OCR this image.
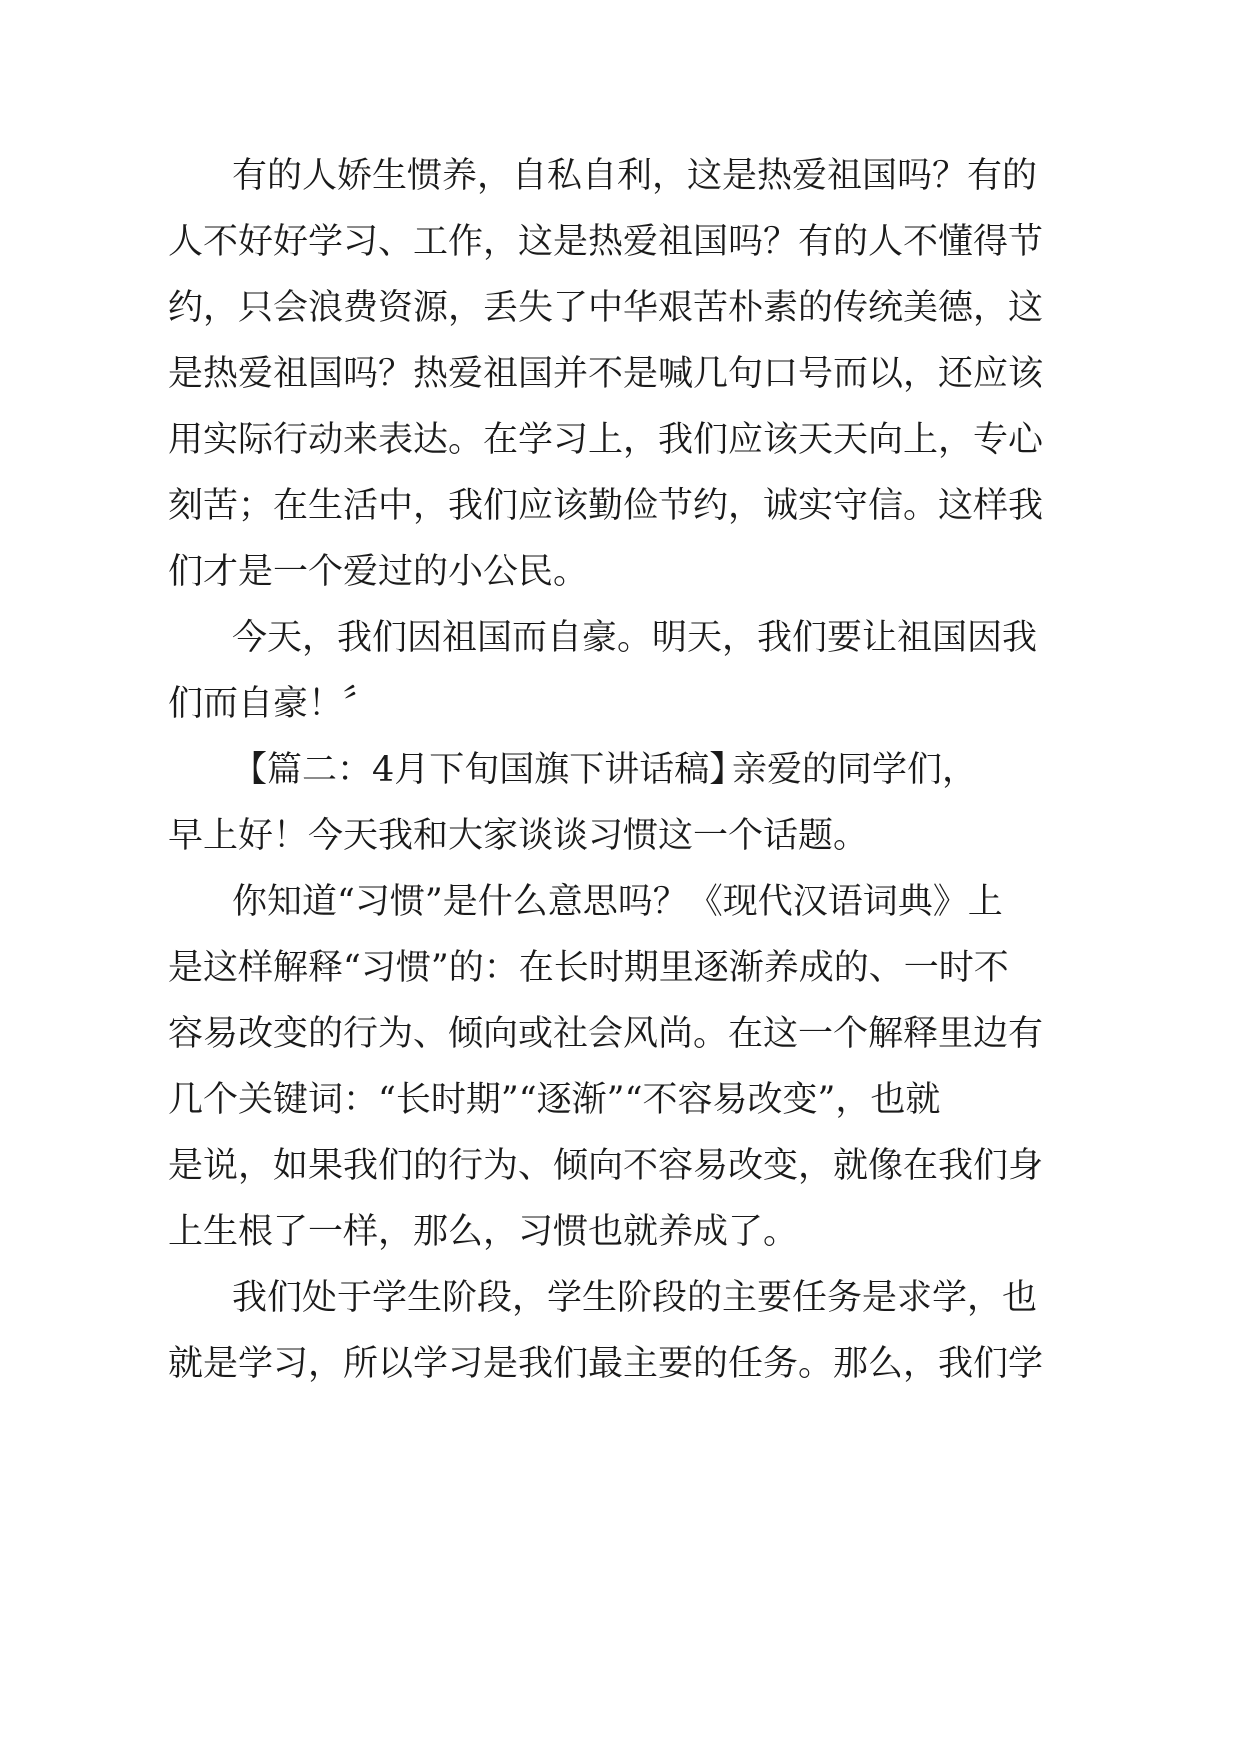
有的人娇生惯养，自私自利，这是热爱祖国吗？有的
人不好好学习、工作，这是热爱祖国吗？有的人不懂得节
约，只会浪费资源，丢失了中华艰苦朴素的传统美德，这
是热爱祖国吗？热爱祖国并不是喊几句口号而以，还应该
用实际行动来表达。在学习上，我们应该天天向上，专心
刻苦；在生活中，我们应该勤俭节约，诚实守信。这样我
们才是一个爱过的小公民。
今天，我们因祖国而自豪。明天，我们要让祖国因我
们而自豪！〞
【篇二：4月下旬国旗下讲话稿】
亲爱的同学们，
早上好！今天我和大家谈谈习惯这一个话题。
你知道“习惯”是什么意思吗？《现代汉语词典》上
是这样解释“习惯”的：在长时期里逐渐养成的、一时不
容易改变的行为、倾向或社会风尚。在这一个解释里边有
几个关键词：“长时期”“逐渐”“不容易改变”，也就
是说，如果我们的行为、倾向不容易改变，就像在我们身
上生根了一样，那么，习惯也就养成了。
我们处于学生阶段，学生阶段的主要任务是求学，也
就是学习，所以学习是我们最主要的任务。那么，我们学
